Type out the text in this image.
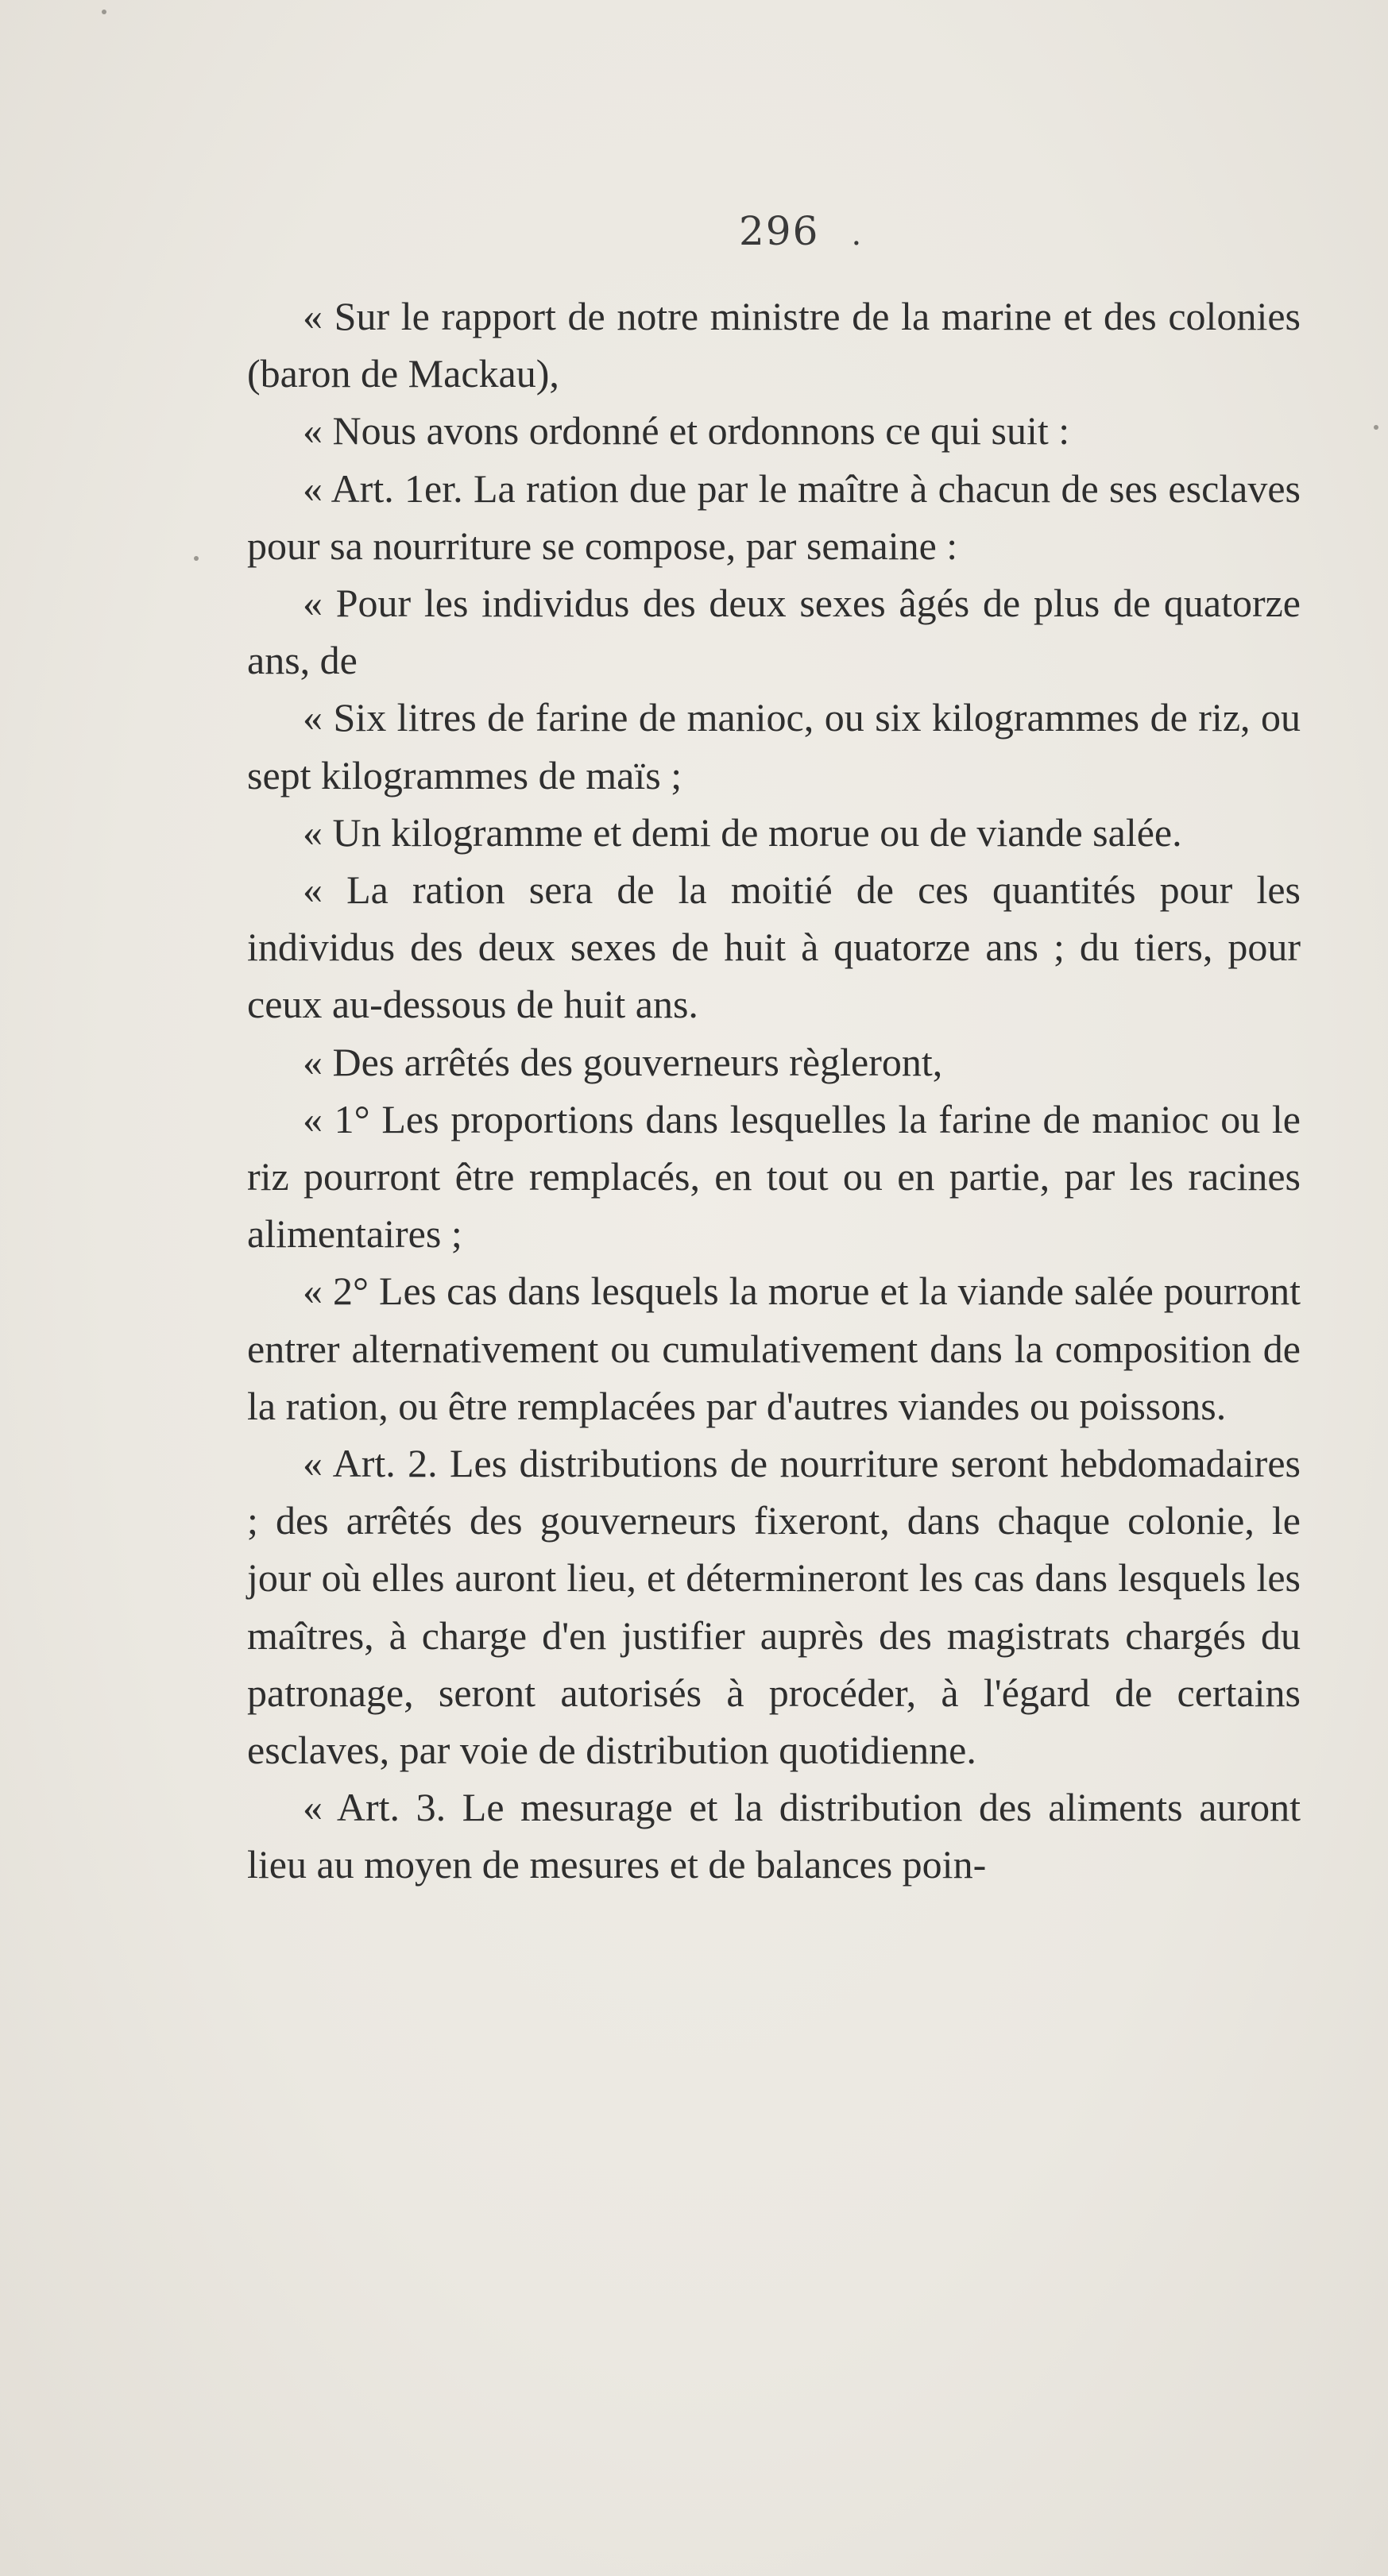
296 .

« Sur le rapport de notre ministre de la marine et des colonies (baron de Mackau),

« Nous avons ordonné et ordonnons ce qui suit :

« Art. 1er. La ration due par le maître à chacun de ses esclaves pour sa nourriture se compose, par semaine :

« Pour les individus des deux sexes âgés de plus de quatorze ans, de

« Six litres de farine de manioc, ou six kilogrammes de riz, ou sept kilogrammes de maïs ;

« Un kilogramme et demi de morue ou de viande salée.

« La ration sera de la moitié de ces quantités pour les individus des deux sexes de huit à quatorze ans ; du tiers, pour ceux au-dessous de huit ans.

« Des arrêtés des gouverneurs règleront,

« 1° Les proportions dans lesquelles la farine de manioc ou le riz pourront être remplacés, en tout ou en partie, par les racines alimentaires ;

« 2° Les cas dans lesquels la morue et la viande salée pourront entrer alternativement ou cumulativement dans la composition de la ration, ou être remplacées par d'autres viandes ou poissons.

« Art. 2. Les distributions de nourriture seront hebdomadaires ; des arrêtés des gouverneurs fixeront, dans chaque colonie, le jour où elles auront lieu, et détermineront les cas dans lesquels les maîtres, à charge d'en justifier auprès des magistrats chargés du patronage, seront autorisés à procéder, à l'égard de certains esclaves, par voie de distribution quotidienne.

« Art. 3. Le mesurage et la distribution des aliments auront lieu au moyen de mesures et de balances poin-
